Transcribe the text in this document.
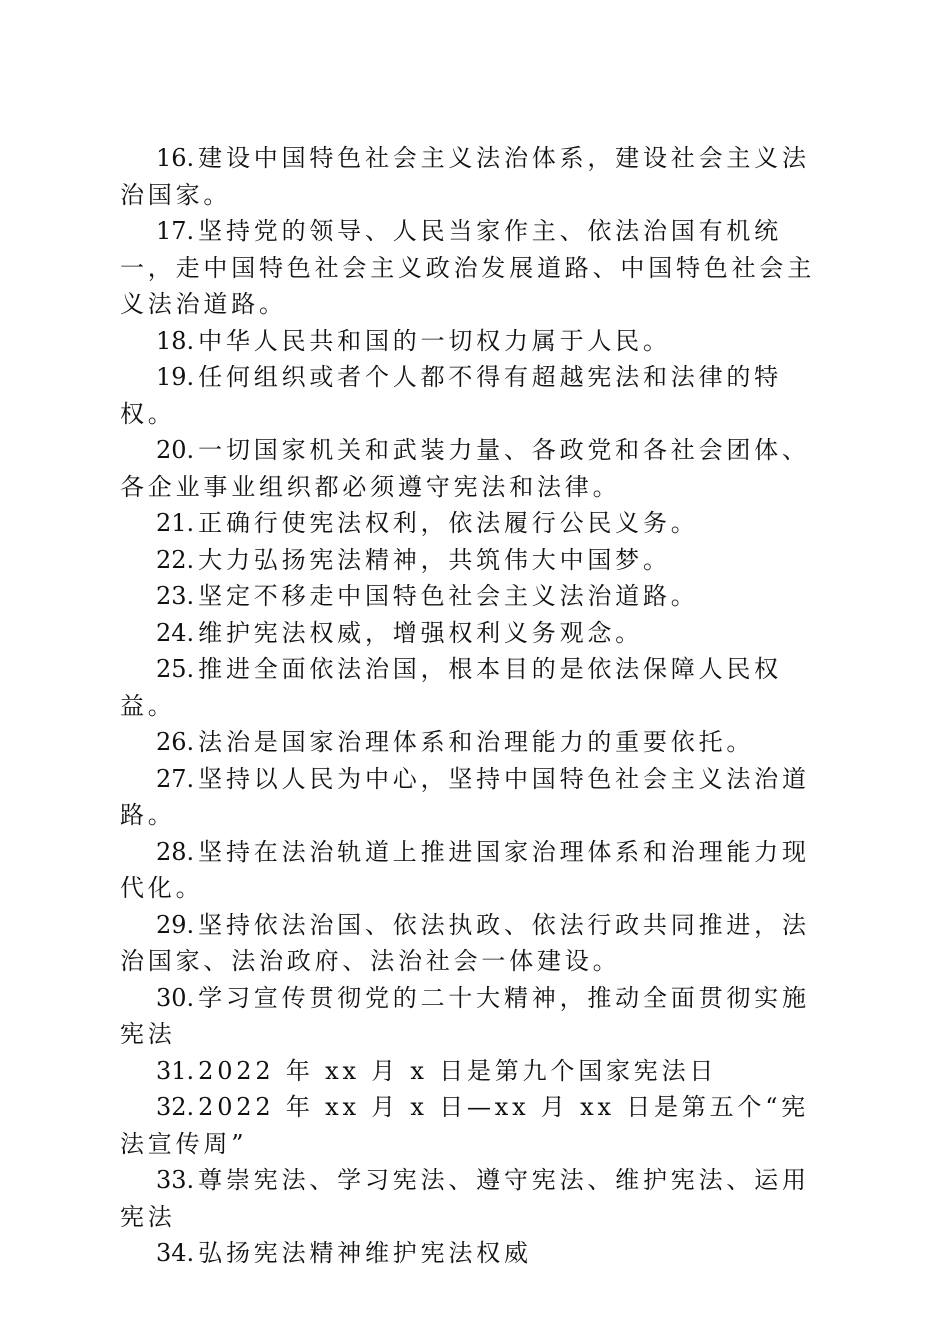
16. 建设中国特色社会主义法治体系，建设社会主义法治国家。

17. 坚持党的领导、人民当家作主、依法治国有机统一，走中国特色社会主义政治发展道路、中国特色社会主义法治道路。

18. 中华人民共和国的一切权力属于人民。

19. 任何组织或者个人都不得有超越宪法和法律的特权。

20. 一切国家机关和武装力量、各政党和各社会团体、各企业事业组织都必须遵守宪法和法律。

21. 正确行使宪法权利，依法履行公民义务。

22. 大力弘扬宪法精神，共筑伟大中国梦。

23. 坚定不移走中国特色社会主义法治道路。

24. 维护宪法权威，增强权利义务观念。

25. 推进全面依法治国，根本目的是依法保障人民权益。

26. 法治是国家治理体系和治理能力的重要依托。

27. 坚持以人民为中心，坚持中国特色社会主义法治道路。

28. 坚持在法治轨道上推进国家治理体系和治理能力现代化。

29. 坚持依法治国、依法执政、依法行政共同推进，法治国家、法治政府、法治社会一体建设。

30. 学习宣传贯彻党的二十大精神，推动全面贯彻实施宪法

31. 2022 年 xx 月 x 日是第九个国家宪法日

32. 2022 年 xx 月 x 日—xx 月 xx 日是第五个“宪法宣传周”

33. 尊崇宪法、学习宪法、遵守宪法、维护宪法、运用宪法

34. 弘扬宪法精神维护宪法权威
